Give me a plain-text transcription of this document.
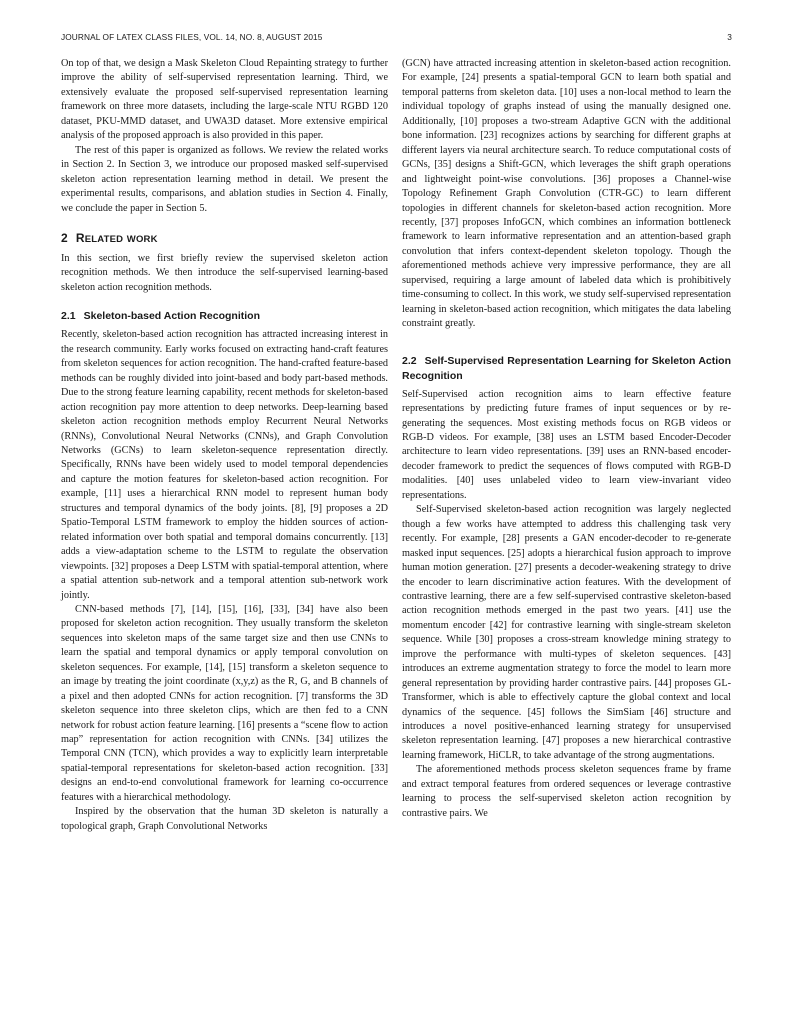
JOURNAL OF LATEX CLASS FILES, VOL. 14, NO. 8, AUGUST 2015	3

On top of that, we design a Mask Skeleton Cloud Repainting strategy to further improve the ability of self-supervised representation learning. Third, we extensively evaluate the proposed self-supervised representation learning framework on three more datasets, including the large-scale NTU RGBD 120 dataset, PKU-MMD dataset, and UWA3D dataset. More extensive empirical analysis of the proposed approach is also provided in this paper.

The rest of this paper is organized as follows. We review the related works in Section 2. In Section 3, we introduce our proposed masked self-supervised skeleton action representation learning method in detail. We present the experimental results, comparisons, and ablation studies in Section 4. Finally, we conclude the paper in Section 5.

2 RELATED WORK

In this section, we first briefly review the supervised skeleton action recognition methods. We then introduce the self-supervised learning-based skeleton action recognition methods.

2.1 Skeleton-based Action Recognition

Recently, skeleton-based action recognition has attracted increasing interest in the research community. Early works focused on extracting hand-craft features from skeleton sequences for action recognition. The hand-crafted feature-based methods can be roughly divided into joint-based and body part-based methods. Due to the strong feature learning capability, recent methods for skeleton-based action recognition pay more attention to deep networks. Deep-learning based skeleton action recognition methods employ Recurrent Neural Networks (RNNs), Convolutional Neural Networks (CNNs), and Graph Convolution Networks (GCNs) to learn skeleton-sequence representation directly. Specifically, RNNs have been widely used to model temporal dependencies and capture the motion features for skeleton-based action recognition. For example, [11] uses a hierarchical RNN model to represent human body structures and temporal dynamics of the body joints. [8], [9] proposes a 2D Spatio-Temporal LSTM framework to employ the hidden sources of action-related information over both spatial and temporal domains concurrently. [13] adds a view-adaptation scheme to the LSTM to regulate the observation viewpoints. [32] proposes a Deep LSTM with spatial-temporal attention, where a spatial attention sub-network and a temporal attention sub-network work jointly.

CNN-based methods [7], [14], [15], [16], [33], [34] have also been proposed for skeleton action recognition. They usually transform the skeleton sequences into skeleton maps of the same target size and then use CNNs to learn the spatial and temporal dynamics or apply temporal convolution on skeleton sequences. For example, [14], [15] transform a skeleton sequence to an image by treating the joint coordinate (x,y,z) as the R, G, and B channels of a pixel and then adopted CNNs for action recognition. [7] transforms the 3D skeleton sequence into three skeleton clips, which are then fed to a CNN network for robust action feature learning. [16] presents a “scene flow to action map” representation for action recognition with CNNs. [34] utilizes the Temporal CNN (TCN), which provides a way to explicitly learn interpretable spatial-temporal representations for skeleton-based action recognition. [33] designs an end-to-end convolutional framework for learning co-occurrence features with a hierarchical methodology.

Inspired by the observation that the human 3D skeleton is naturally a topological graph, Graph Convolutional Networks

(GCN) have attracted increasing attention in skeleton-based action recognition. For example, [24] presents a spatial-temporal GCN to learn both spatial and temporal patterns from skeleton data. [10] uses a non-local method to learn the individual topology of graphs instead of using the manually designed one. Additionally, [10] proposes a two-stream Adaptive GCN with the additional bone information. [23] recognizes actions by searching for different graphs at different layers via neural architecture search. To reduce computational costs of GCNs, [35] designs a Shift-GCN, which leverages the shift graph operations and lightweight point-wise convolutions. [36] proposes a Channel-wise Topology Refinement Graph Convolution (CTR-GC) to learn different topologies in different channels for skeleton-based action recognition. More recently, [37] proposes InfoGCN, which combines an information bottleneck framework to learn informative representation and an attention-based graph convolution that infers context-dependent skeleton topology. Though the aforementioned methods achieve very impressive performance, they are all supervised, requiring a large amount of labeled data which is prohibitively time-consuming to collect. In this work, we study self-supervised representation learning in skeleton-based action recognition, which mitigates the data labeling constraint greatly.

2.2 Self-Supervised Representation Learning for Skeleton Action Recognition

Self-Supervised action recognition aims to learn effective feature representations by predicting future frames of input sequences or by re-generating the sequences. Most existing methods focus on RGB videos or RGB-D videos. For example, [38] uses an LSTM based Encoder-Decoder architecture to learn video representations. [39] uses an RNN-based encoder-decoder framework to predict the sequences of flows computed with RGB-D modalities. [40] uses unlabeled video to learn view-invariant video representations.

Self-Supervised skeleton-based action recognition was largely neglected though a few works have attempted to address this challenging task very recently. For example, [28] presents a GAN encoder-decoder to re-generate masked input sequences. [25] adopts a hierarchical fusion approach to improve human motion generation. [27] presents a decoder-weakening strategy to drive the encoder to learn discriminative action features. With the development of contrastive learning, there are a few self-supervised contrastive skeleton-based action recognition methods emerged in the past two years. [41] use the momentum encoder [42] for contrastive learning with single-stream skeleton sequence. While [30] proposes a cross-stream knowledge mining strategy to improve the performance with multi-types of skeleton sequences. [43] introduces an extreme augmentation strategy to force the model to learn more general representation by providing harder contrastive pairs. [44] proposes GL-Transformer, which is able to effectively capture the global context and local dynamics of the sequence. [45] follows the SimSiam [46] structure and introduces a novel positive-enhanced learning strategy for unsupervised skeleton representation learning. [47] proposes a new hierarchical contrastive learning framework, HiCLR, to take advantage of the strong augmentations.

The aforementioned methods process skeleton sequences frame by frame and extract temporal features from ordered sequences or leverage contrastive learning to process the self-supervised skeleton action recognition by contrastive pairs. We
